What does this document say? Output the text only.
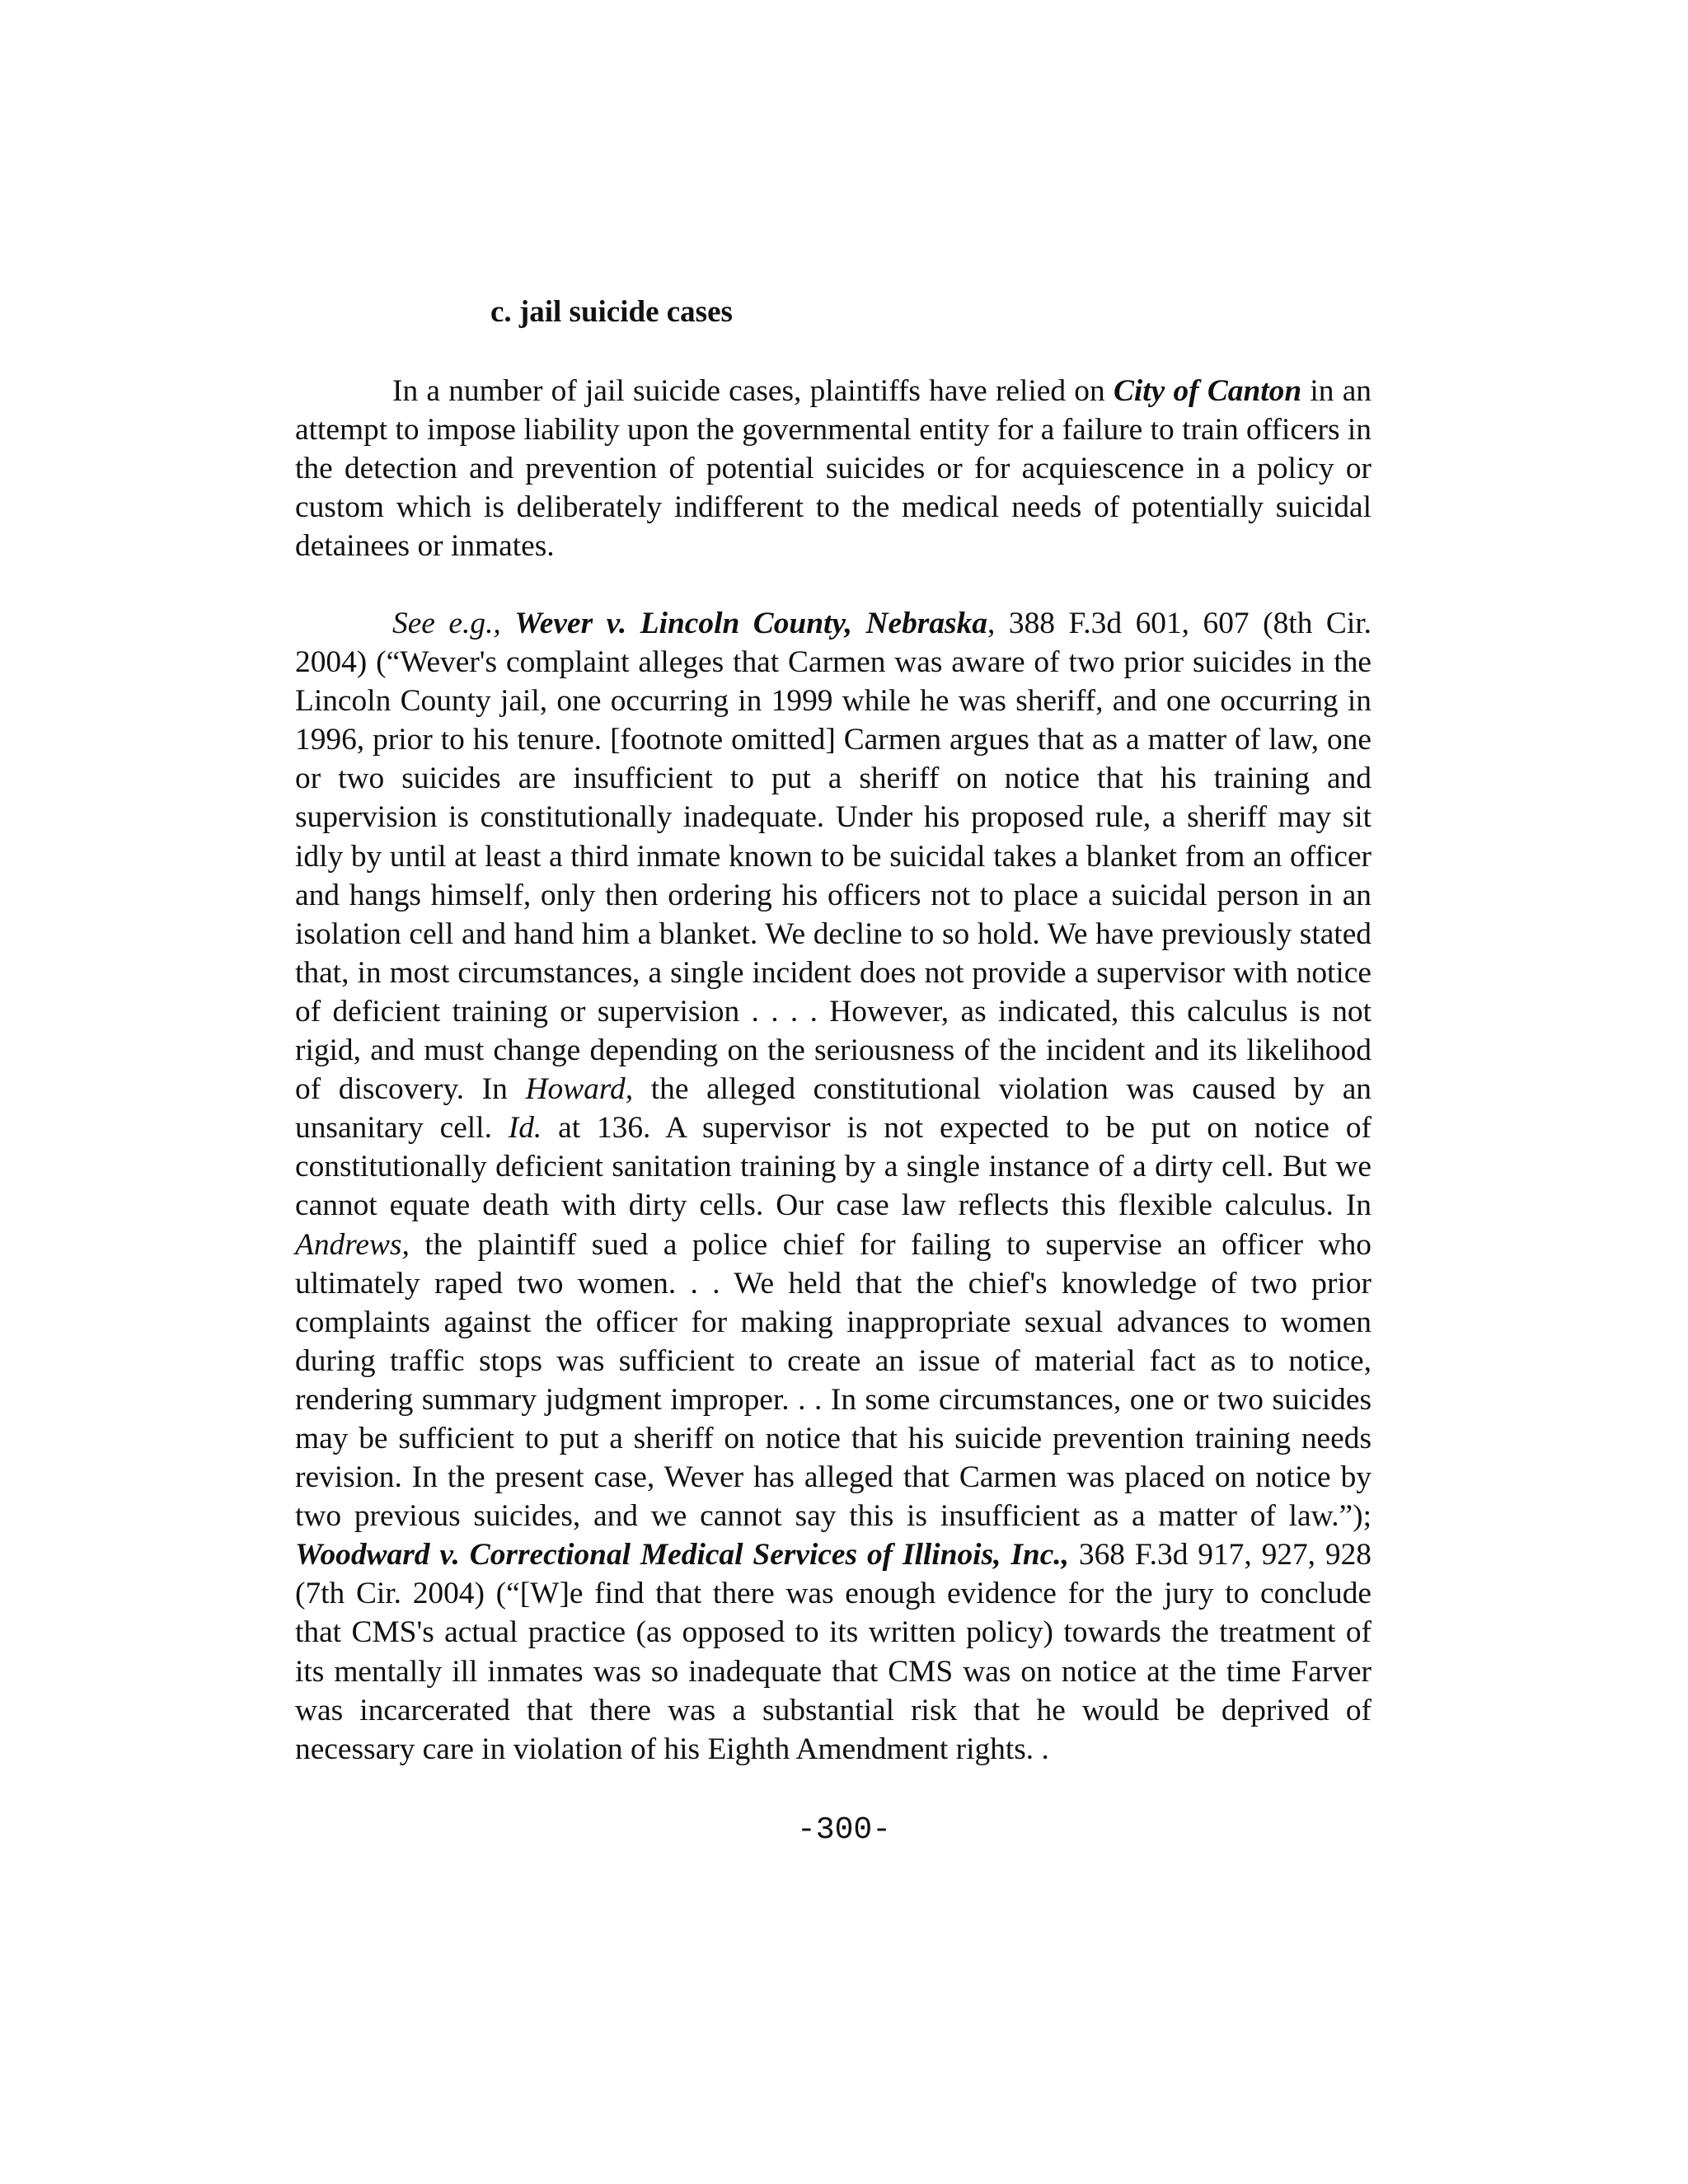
c. jail suicide cases

In a number of jail suicide cases, plaintiffs have relied on City of Canton in an attempt to impose liability upon the governmental entity for a failure to train officers in the detection and prevention of potential suicides or for acquiescence in a policy or custom which is deliberately indifferent to the medical needs of potentially suicidal detainees or inmates.

See e.g., Wever v. Lincoln County, Nebraska, 388 F.3d 601, 607 (8th Cir. 2004) (“Wever's complaint alleges that Carmen was aware of two prior suicides in the Lincoln County jail, one occurring in 1999 while he was sheriff, and one occurring in 1996, prior to his tenure. [footnote omitted] Carmen argues that as a matter of law, one or two suicides are insufficient to put a sheriff on notice that his training and supervision is constitutionally inadequate. Under his proposed rule, a sheriff may sit idly by until at least a third inmate known to be suicidal takes a blanket from an officer and hangs himself, only then ordering his officers not to place a suicidal person in an isolation cell and hand him a blanket. We decline to so hold. We have previously stated that, in most circumstances, a single incident does not provide a supervisor with notice of deficient training or supervision . . . . However, as indicated, this calculus is not rigid, and must change depending on the seriousness of the incident and its likelihood of discovery. In Howard, the alleged constitutional violation was caused by an unsanitary cell. Id. at 136. A supervisor is not expected to be put on notice of constitutionally deficient sanitation training by a single instance of a dirty cell. But we cannot equate death with dirty cells. Our case law reflects this flexible calculus. In Andrews, the plaintiff sued a police chief for failing to supervise an officer who ultimately raped two women. . . We held that the chief's knowledge of two prior complaints against the officer for making inappropriate sexual advances to women during traffic stops was sufficient to create an issue of material fact as to notice, rendering summary judgment improper. . . In some circumstances, one or two suicides may be sufficient to put a sheriff on notice that his suicide prevention training needs revision. In the present case, Wever has alleged that Carmen was placed on notice by two previous suicides, and we cannot say this is insufficient as a matter of law.”); Woodward v. Correctional Medical Services of Illinois, Inc., 368 F.3d 917, 927, 928 (7th Cir. 2004) (“[W]e find that there was enough evidence for the jury to conclude that CMS's actual practice (as opposed to its written policy) towards the treatment of its mentally ill inmates was so inadequate that CMS was on notice at the time Farver was incarcerated that there was a substantial risk that he would be deprived of necessary care in violation of his Eighth Amendment rights. .

-300-
